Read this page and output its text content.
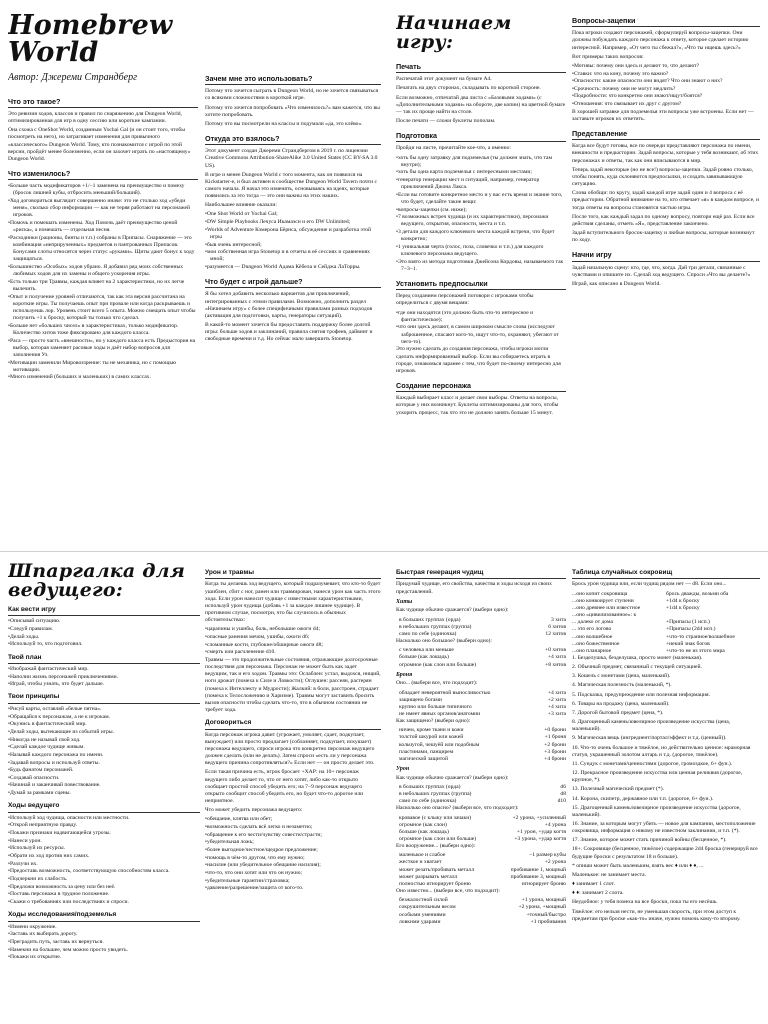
Homebrew World
Автор: Джереми Страндберг
Что это такое?

Это ревизия ходов, классов и правил по снаряжению для Dungeon World, оптимизированная для игр в одну сессию или короткие кампании.

Она схожа с OneShot World, созданным Yochai Gal (и он стоит того, чтобы посмотреть на него), но затрагивает изменения для привычного «классического» Dungeon World. Тому, кто познакомится с игрой по этой версии, пройдёт менее болезненно, если он захочет играть по «настоящему» Dungeon World.

Что изменилось?
• Больше часть модификаторов +1/−1 заменена на преимущество и помеху (бросок лишней кубы, отбросить меньший/больший).
• Ход договориться выглядит совершенно иначе: это не столько ход «убеди меня», сколько сбор информации — как не теряя работают на персонажей игроков.
• Помочь и помешать изменены. Ход Помочь даёт преимущество ценой «риска», а помешать — отдельная песня.
• Расходники (рационы, бинты и т.п.) собраны в Припасы. Снаряжение — это комбинация «неприрученных» предметов и пантрованных Припасов. Бонусами слоты относятся через статус «руками». Щиты дают бонус к ходу защищаться.
• Большинство «Особых» ходов убрано. Я добавил ряд моих собственных любимых ходов для их замены и общего ускорения игры.
• Есть только три Травмы, каждая влияет на 2 характеристики, но их легче вылечить.
• Опыт и получение уровней отличаются, так как эта версия рассчитана на короткие игры. Ты получаешь опыт при провале или когда раскрываешь и используешь лор. Уровень стоит всего 5 опыта. Можно смещать опыт чтобы получить +1 к броску, который ты только что сделал.
• Больше нет «больших чисел» в характеристиках, только модификатор. Количество хитов тоже фиксировано для каждого класса.
• Раса — просто часть «внешности», но у каждого класса есть Предыстория на выбор, которая заменяет расовые ходы и даёт набор вопросов для заполнения Уз.
• Мотивации заменили Мировоззрение: ты не механика, но с помощью мотивации.
• Много изменений (больших и маленьких) в самих классах.
Зачем мне это использовать?

Потому что хочется сыграть в Dungeon World, но не хочется связываться со всякими сложностями в короткой игре.

Потому что хочется попробовать «Что изменилось?» вам кажется, что вы хотите попробовать.

Потому что вы посмотрели на классы и подумали «да, это клёво».

Откуда это взялось?

Этот документ создан Джереми Страндбергом в 2019 г. по лицензии Creative Commons Attribution-ShareAlike 3.0 United States (CC BY-SA 3.0 US).

В игре и менее Dungeon World с того момента, как он появился на Kickstarter-е, и был активен в сообществе Dungeon World Tavern почти с самого начала. Я начал это изменять, основываясь на идеях, которые появились за это тогда — это они важны на этих наших.

Наибольшее влияние оказали:

• One Shot World от Yochai Gal;
• DW Simple Playbooks Лечуса Икамаэсн и его DW Unlimited;
• Worlds of Adventure Кэмерона Бёрнса, обсуждение и разработка этой игры
• быв очень интересной;
• мои собственная игра Stonetop и в отчеты в её сессиях и сравнениях мной;
• разумеется — Dungeon World Адама Кёбела и Сейджа ЛаТорры.
Что будет с игрой дальше?

Я бы хотел добавить несколько вариантов для приключений, интегрированных с этими правилами. Возможно, дополнить раздел «Начинаем игру» с более специфичными правилами разных подходов (активация для подготовки, карты, генераторы ситуаций).

В какой-то момент хочется бы предоставить поддержку более долгой игры: больше ходов и заклинаний, правила снятия трофеев, дайвинг и свободные времени и т.д. Но сейчас мало завершить Stonetop.

Начинаем игру:
Печать

Распечатай этот документ на бумаге А4.

Печатать на двух сторонах, складывать по короткой стороне.

Если возможно, отпечатай два листа с «Базовыми ходами» (с «Дополнительными ходами» на обороте, две копии) на цветной бумаге — так их проще найти на столе.

После печати — сложи буклеты пополам.

Подготовка

Пройди на листе, прочитайте кое-что, а именно:

• хоть бы одну затравку для подземелья (ты должен знать, что там внутри);
• хоть бы одна карта подземелья с интересными местами;
• генератор генерации мест и ситуаций, например, генератор приключений Джона Лакса.
• Если вы готовите конкретное место и у вас есть время и знание того, что будет, сделайте такие вещи:
• вопросы-зацепки (см. ниже);
• 7 возможных встреч чудища (и их характеристики), персонажи ведущего, открытия, опасности, места и т.п.
• 3 детали для каждого ключевого места каждой встречи, что будет конкретно;
• 1 уникальная черта (голос, поза, словечко и т.п.) для каждого ключевого персонажа ведущего.
• Это взято из метода подготовки Джейсона Кордовы, называемого так 7−3−1.
Установить предпосылки

Перед созданием персонажей поговори с игроками чтобы определиться с двумя вещами:

• где они находятся (это должно быть что-то интересное и фантастическое);
• что они здесь делают, в самом широком смысле слова (исследуют заброшенное, спасают кого-то, ищут что-то, охраняют, убегают от чего-то).

Это нужно сделать до создания персонажа, чтобы игроки могли сделать информированный выбор. Если вы собираетесь играть в городе, ознакомься заранее с тем, что будет по-своему интересно для игроков.

Создание персонажа

Каждый выбирает класс и делает свои выборы. Ответы на вопросы, которые у них возникнут. Буклеты оптимизированы для того, чтобы ускорить процесс, так что это не должно занять больше 15 минут.

Вопросы-зацепки

Пока игроки создают персонажей, сформулируй вопросы-зацепки. Они должны побуждать каждого персонажа к ответу, которое сделает историю интересной. Например, «От чего ты сбежал?», «Что ты ищешь здесь?»

Вот примеры таких вопросов:

• Мотивы: почему они здесь и делают то, что делают?
• Ставки: что на кону, почему это важно?
• Опасности: какие опасности они видят? Что они знают о них?
• Срочность: почему они не могут медлить?
• Подробности: что конкретно они знают/ищут/боятся?
• Отношения: что связывает их друг с другом?

В хорошей затравке для подземелья эти вопросы уже встроены. Если нет — заставьте игроков их ответить.

Представление

Когда все будут готовы, все по очереди представляют персонажа по имени, внешности и предыстории. Задай вопросы, которые у тебя возникают, об этих персонажах и ответы, так как они вписываются в мир.

Теперь задай некоторые (но не все!) вопросы-зацепки. Задай ровно столько, чтобы понять, куда склоняются предпосылки, и создать завязывающую ситуацию.

Слова обобщи: по кругу, задай каждой игре задай один и 4 вопроса с её предыстории. Обратной внимание на то, кто отвечает «я» в каждом вопросе, и тогда ответы на вопросы становятся частью игры.

После того, как каждый задал по одному вопросу, повтори ещё раз. Если все действия сделаны, отметь «Я», представление закончено.

Задай вступительного бросок-зацепку и любые вопросы, которые возникнут по ходу.

Начни игру

Задай начальную сцену: кто, где, что, когда. Дай три детали, связанные с чувствами и опишите их. Сделай ход ведущего. Спроси «Что вы делаете?»

Играй, как описано в Dungeon World.

Шпаргалка для ведущего:
Как вести игру
• Описывай ситуацию.
• Следуй правилам.
• Делай ходы.
• Используй то, что подготовил.
Твой план
• Изображай фантастический мир.
• Наполни жизнь персонажей приключениями.
• Играй, чтобы узнать, что будет дальше.
Твои принципы
• Рисуй карты, оставляй «белые пятна».
• Обращайся к персонажам, а не к игрокам.
• Окунись в фантастический мир.
• Делай ходы, вытекающие из событий игры.
• Никогда не называй свой ход.
• Сделай каждое чудище живым.
• Называй каждого персонажа по имени.
• Задавай вопросы и используй ответы.
• Будь фанатом персонажей.
• Создавай опасности.
• Начинай и заканчивай повествование.
• Думай за рамками сцены.
Ходы ведущего
• Используй ход чудища, опасности или местности.
• Открой неприятную правду.
• Покажи признаки надвигающейся угрозы.
• Нанеси урон.
• Используй их ресурсы.
• Обрати их ход против них самих.
• Разлучи их.
• Предоставь возможность, соответствующую способностям класса.
• Подчеркни их слабость.
• Предложи возможность за цену или без неё.
• Поставь персонажа в трудное положение.
• Скажи о требованиях или последствиях и спроси.
Ходы исследования/подземелья
• Измени окружение.
• Заставь их выбирать дорогу.
• Преградить путь, заставь их вернуться.
• Намекни на большее, чем можно просто увидеть.
• Покажи их открытие.
Урон и травмы

Когда ты делаешь ход ведущего, который подразумевает, что кто-то будет ушиблен, сбит с ног, ранен или травмирован, нанеси урон как часть этого хода. Если урон наносит чудище с известными характеристиками, используй урон чудища (добавь +1 за каждое лишнее чудище). В противном случае, посмотри, что бы случилось в обычных обстоятельствах:

• царапины и ушибы, боль, небольшие ожоги d4;
• опасные ранения мечом, ушибы, ожоги d6;
• сломанные кости, глубокие/обширные ожоги d8;
• смерть или расчленение d10.

Травмы — это продолжительные состояния, отражающие долгосрочные последствия для персонажа. Персонаж не может быть как задет ведущим, так и его ходом. Травмы это: Ослаблен: устал, выдохся, нищий, ноги дрожат (помеха к Силе и Ловкости); Оглушен: рассеян, растерян (помеха к Интеллекту и Мудрости); Жалкий: в боли, расстроен, страдает (помеха к Телосложению и Харизме). Травмы могут заставить бросить вызов опасности чтобы сделать что-то, что в обычном состоянии не требует хода.

Договориться

Когда персонаж игрока давит (угрожает, умоляет, сдает, подкупает, вынуждает) или просто предлагает (соблазняет, подкупает, искушает) персонажа ведущего, спроси игрока что конкретно персонаж ведущего должен сделать (или не делать). Затем спроси «есть ли у персонажа ведущего причина сопротивляться?» Если нет — он просто делает это.

Если такая причина есть, игрок бросает +ХАР: на 10+ персонаж ведущего либо делает то, что от него хотят, либо как-то открыто сообщает простой способ убедить его; на 7−9 персонаж ведущего открыто сообщит способ убедить его, но будет что-то дорогое или неприятное.

Что может убедить персонажа ведущего:

• обещание, клятва или обет;
• возможность сделать всё легко и незаметно;
• обращение к его чести/чувству совести/страсти;
• убедительная ложь;
• более выгодное/честное/щедрое предложение;
• помощь в чём-то другом, что ему нужно;
• насилие (или убедительное обещание насилия);
• что-то, что они хотят или что он нужно;
• убедительные гарантии/страховка;
• давление/разрешение/защита от кого-то.
Быстрая генерация чудищ

Придумай чудище, его свойства, качества и ходы исходя из своих представлений.

Хиты

Как чудище обычно сражается? (выбери одно):

в больших группах (орда)	3 хита
в небольших группах (группа)	6 хитов
само по себе (одиночка)	12 хитов

Насколько оно большое? (выбери одно):

с человека или меньше	+0 хитов
больше (как лошадь)	+4 хита
огромное (как слон или больше)	+8 хитов
Броня

Оно... (выбери все, что подходит):

обладает невероятной выносливостью	+4 хита
защищено богами	+2 хита
крупно или больше типичного	+4 хита
не имеет явных органов/анатомии	+3 хита

Как защищено? (выбери одно):

ничем, кроме ткани и кожи	+0 брони
толстой шкурой или кожей	+1 броня
кольчугой, чешуёй или подобным	+2 брони
пластинами, панцирем	+3 брони
магической защитой	+4 брони
Урон

Как чудище обычно сражается? (выбери одно):

в больших группах (орда)	d6
в небольших группах (группа)	d8
само по себе (одиночка)	d10

Насколько оно опасно? (выбери все, что подходит):

кровавое (с клыку или зачаки)	+2 урона, +усиленный
огромное (как слон)	+4 урона
больше (как лошадь)	+1 урон, +удар когтя
огромное (как слон или больше)	+3 урона, +удар когтя

Его вооружение... (выбери одно):

маленькое и слабое	−1 размер кубы
жесткое и хватает	+2 урона
может резать/пробивать металл	пробивание 1, мощный
может разрывать металл	пробивание 3, мощный
полностью игнорирует броню	игнорирует броню

Оно известно... (выбери все, что подходит):

безжалостной силой	+1 урона, мощный
сокрушительным весом	+2 урона, +мощный
особыми умениями	+точный/быстро
ловкими ударами	+1 пробивания
Таблица случайных сокровищ

Брось урон чудища или, если чудищ рядом нет — d8. Если оно...

...оно копит сокровища	брось дважды, возьми оба
...оно конвоирует ступени	+1d4 к броску
...оно древнее или известное	+1d4 к броску
...оно «цивилизованное»: к
... далеко от дома	+Припасы (1 исп.)
... это его логово	+Припасы (2d4 исп.)
...оно волшебное	+что-то странное/волшебное
...оно божественное	+некий знак богов
...оно планарное	+что-то не из этого мира

1. Безделушка, безделушка, просто монет (маленькая).

2. Обычный предмет, связанный с текущей ситуацией.

3. Кошель с монетами (цена, маленький).

4. Магическая полезность (маленький, *).

5. Подсказка, предупреждение или полезная информация.

6. Товары на продажу (цена, маленький).

7. Дорогой бытовой предмет (цена, *).

8. Драгоценный камень/ювелирное произведение искусства (цена, маленький).

9. Магическая вещь (ингредиент/портал/эффект и т.д. (ценный)).

10. Что-то очень большое и тяжёлое, но действительно ценное: мраморная статуя, украшенный золотом алтарь и т.д. (дорогое, тяжёлое).

11. Сундук с монетами/ценностями (дорогое, громоздкое, 6+ фун.).

12. Прекрасное произведение искусства или ценная реликвия (дорогое, крупное, *).

13. Полезный магический предмет (*).

14. Корона, скипетр, державное или т.п. (дорогое, 6+ фун.).

15. Драгоценный камень/ювелирное произведение искусства (дорогое, маленький).

16. Знание, за которым могут убить — новое для кампании, местоположение сокровища, информация о никому не известном заклинании, и т.п. (*).

17. Знание, которое может стать причиной войны (бесценное, *).

18+. Сокровище (бесценное, тяжёлое) содержащие 2d4 броска (генерируй все будущие броски с результатом 18 и больше).

* опиши может быть маленьким, взять вес ♦ или ♦ ♦, ...

Маленькое: не занимает места.

♦ занимает 1 слот.

♦ ♦: занимает 2 слота.

Неудобное: у тебя помеха на все броски, пока ты его несёшь.

Тяжёлое: его нельзя нести, не уменьшая скорость, при этом доступ к предметам при броске «как-то» иначе, нужно помочь кому-то второму.
